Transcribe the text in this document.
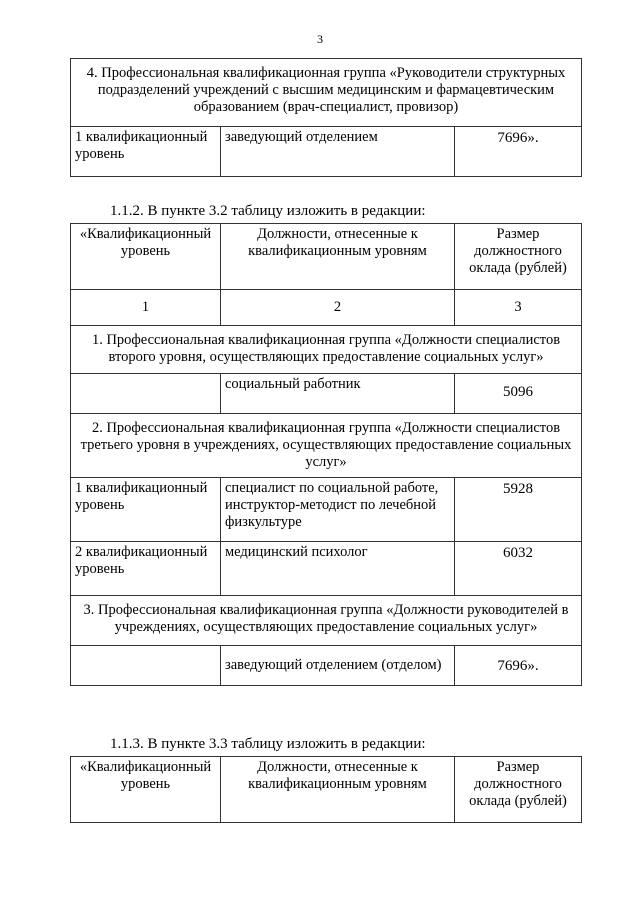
3
4. Профессиональная квалификационная группа «Руководители структурных подразделений учреждений с высшим медицинским и фармацевтическим образованием (врач-специалист, провизор)
1 квалификационный уровень	заведующий отделением	7696».
1.1.2. В пункте 3.2 таблицу изложить в редакции:
«Квалификационный уровень	Должности, отнесенные к квалификационным уровням	Размер должностного оклада (рублей)
1	2	3
1. Профессиональная квалификационная группа «Должности специалистов второго уровня, осуществляющих предоставление социальных услуг»		
	социальный работник	5096

2. Профессиональная квалификационная группа «Должности специалистов третьего уровня в учреждениях, осуществляющих предоставление социальных услуг»		
1 квалификационный уровень	специалист по социальной работе, инструктор-методист по лечебной физкультуре	5928

2 квалификационный уровень	медицинский психолог	6032

3. Профессиональная квалификационная группа «Должности руководителей в учреждениях, осуществляющих предоставление социальных услуг»		
	заведующий отделением (отделом)	7696».
1.1.3. В пункте 3.3 таблицу изложить в редакции:
«Квалификационный уровень	Должности, отнесенные к квалификационным уровням	Размер должностного оклада (рублей)
